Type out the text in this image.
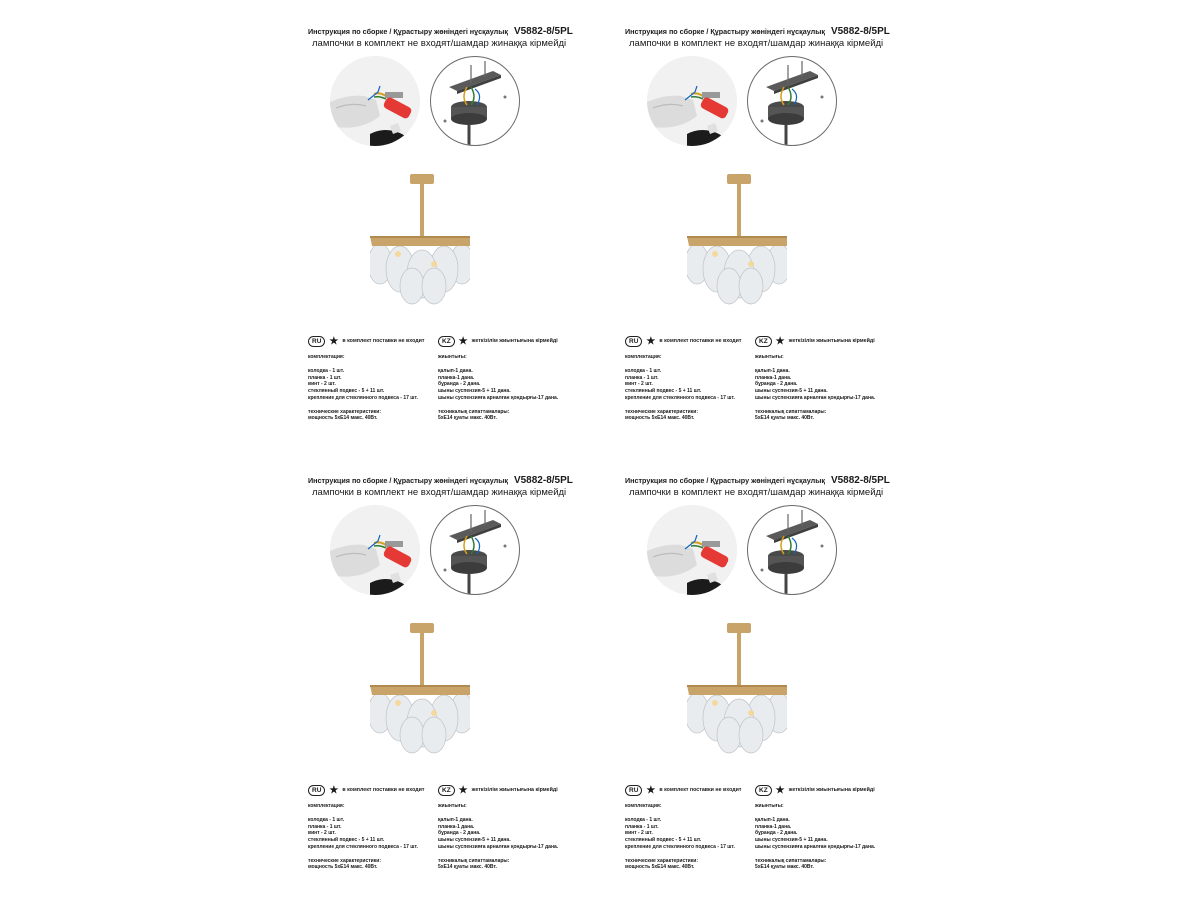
Инструкция по сборке / Құрастыру жөніндегі нұсқаулық V5882-8/5PL
лампочки в комплект не входят/шамдар жинаққа кірмейді
RU ★ в комплект поставки не входит
комплектация:
колодка - 1 шт.
планка - 1 шт.
винт - 2 шт.
стеклянный подвес - 5 + 11 шт.
крепление для стеклянного подвеса - 17 шт.
технические характеристики:
мощность 5хЕ14 макс. 40Вт.
KZ ★ жеткізілім жиынтығына кірмейді
жиынтығы:
қалып-1 дана.
планка-1 дана.
бұранда - 2 дана.
шыны суспензия-5 + 11 дана.
шыны суспензияға арналған қондырғы-17 дана.
техникалық сипаттамалары:
5хЕ14 қуаты макс. 40Вт.
Инструкция по сборке / Құрастыру жөніндегі нұсқаулық V5882-8/5PL
лампочки в комплект не входят/шамдар жинаққа кірмейді
RU ★ в комплект поставки не входит
комплектация:
колодка - 1 шт.
планка - 1 шт.
винт - 2 шт.
стеклянный подвес - 5 + 11 шт.
крепление для стеклянного подвеса - 17 шт.
технические характеристики:
мощность 5хЕ14 макс. 40Вт.
KZ ★ жеткізілім жиынтығына кірмейді
жиынтығы:
қалып-1 дана.
планка-1 дана.
бұранда - 2 дана.
шыны суспензия-5 + 11 дана.
шыны суспензияға арналған қондырғы-17 дана.
техникалық сипаттамалары:
5хЕ14 қуаты макс. 40Вт.
Инструкция по сборке / Құрастыру жөніндегі нұсқаулық V5882-8/5PL
лампочки в комплект не входят/шамдар жинаққа кірмейді
RU ★ в комплект поставки не входит
комплектация:
колодка - 1 шт.
планка - 1 шт.
винт - 2 шт.
стеклянный подвес - 5 + 11 шт.
крепление для стеклянного подвеса - 17 шт.
технические характеристики:
мощность 5хЕ14 макс. 40Вт.
KZ ★ жеткізілім жиынтығына кірмейді
жиынтығы:
қалып-1 дана.
планка-1 дана.
бұранда - 2 дана.
шыны суспензия-5 + 11 дана.
шыны суспензияға арналған қондырғы-17 дана.
техникалық сипаттамалары:
5хЕ14 қуаты макс. 40Вт.
Инструкция по сборке / Құрастыру жөніндегі нұсқаулық V5882-8/5PL
лампочки в комплект не входят/шамдар жинаққа кірмейді
RU ★ в комплект поставки не входит
комплектация:
колодка - 1 шт.
планка - 1 шт.
винт - 2 шт.
стеклянный подвес - 5 + 11 шт.
крепление для стеклянного подвеса - 17 шт.
технические характеристики:
мощность 5хЕ14 макс. 40Вт.
KZ ★ жеткізілім жиынтығына кірмейді
жиынтығы:
қалып-1 дана.
планка-1 дана.
бұранда - 2 дана.
шыны суспензия-5 + 11 дана.
шыны суспензияға арналған қондырғы-17 дана.
техникалық сипаттамалары:
5хЕ14 қуаты макс. 40Вт.
